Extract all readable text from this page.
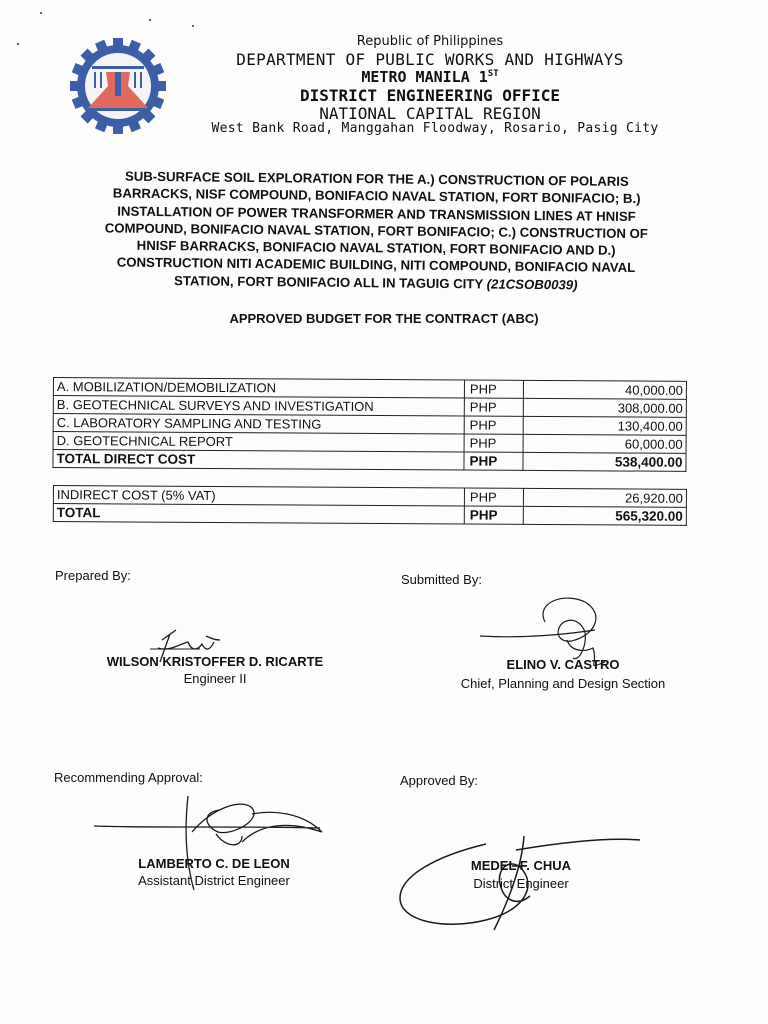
Republic of Philippines
DEPARTMENT OF PUBLIC WORKS AND HIGHWAYS
METRO MANILA 1ST
DISTRICT ENGINEERING OFFICE
NATIONAL CAPITAL REGION
West Bank Road, Manggahan Floodway, Rosario, Pasig City
SUB-SURFACE SOIL EXPLORATION FOR THE A.) CONSTRUCTION OF POLARIS
BARRACKS, NISF COMPOUND, BONIFACIO NAVAL STATION, FORT BONIFACIO; B.)
INSTALLATION OF POWER TRANSFORMER AND TRANSMISSION LINES AT HNISF
COMPOUND, BONIFACIO NAVAL STATION, FORT BONIFACIO; C.) CONSTRUCTION OF
HNISF BARRACKS, BONIFACIO NAVAL STATION, FORT BONIFACIO AND D.)
CONSTRUCTION NITI ACADEMIC BUILDING, NITI COMPOUND, BONIFACIO NAVAL
STATION, FORT BONIFACIO ALL IN TAGUIG CITY (21CSOB0039)
APPROVED BUDGET FOR THE CONTRACT (ABC)
A. MOBILIZATION/DEMOBILIZATION	PHP	40,000.00
B. GEOTECHNICAL SURVEYS AND INVESTIGATION	PHP	308,000.00
C. LABORATORY SAMPLING AND TESTING	PHP	130,400.00
D. GEOTECHNICAL REPORT	PHP	60,000.00
TOTAL DIRECT COST	PHP	538,400.00
INDIRECT COST (5% VAT)	PHP	26,920.00
TOTAL	PHP	565,320.00
Prepared By:
WILSON KRISTOFFER D. RICARTE
Engineer II
Submitted By:
ELINO V. CASTRO
Chief, Planning and Design Section
Recommending Approval:
LAMBERTO C. DE LEON
Assistant District Engineer
Approved By:
MEDEL F. CHUA
District Engineer
